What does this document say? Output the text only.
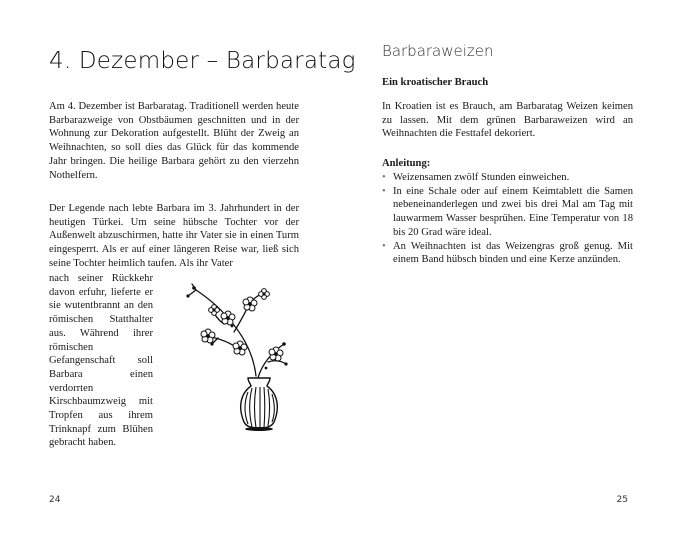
4. Dezember – Barbaratag

Am 4. Dezember ist Barbaratag. Traditionell werden heute Barbarazweige von Obstbäumen geschnitten und in der Wohnung zur Dekoration aufgestellt. Blüht der Zweig an Weihnachten, so soll dies das Glück für das kommende Jahr bringen. Die heilige Barbara gehört zu den vierzehn Nothelfern.

Der Legende nach lebte Barbara im 3. Jahrhundert in der heutigen Türkei. Um seine hübsche Tochter vor der Außenwelt abzuschirmen, hatte ihr Vater sie in einen Turm eingesperrt. Als er auf einer längeren Reise war, ließ sich seine Tochter heimlich taufen. Als ihr Vater

nach seiner Rückkehr davon erfuhr, lieferte er sie wutentbrannt an den römischen Statthalter aus. Während ihrer römischen Gefangenschaft soll Barbara einen verdorrten Kirschbaumzweig mit Tropfen aus ihrem Trinknapf zum Blühen gebracht haben.

24
Barbaraweizen
Ein kroatischer Brauch

In Kroatien ist es Brauch, am Barbaratag Weizen keimen zu lassen. Mit dem grünen Barbaraweizen wird an Weihnachten die Festtafel dekoriert.

Anleitung:
• Weizensamen zwölf Stunden einweichen.
• In eine Schale oder auf einem Keimtablett die Samen nebeneinanderlegen und zwei bis drei Mal am Tag mit lauwarmem Wasser besprühen. Eine Temperatur von 18 bis 20 Grad wäre ideal.
• An Weihnachten ist das Weizengras groß genug. Mit einem Band hübsch binden und eine Kerze anzünden.
25
